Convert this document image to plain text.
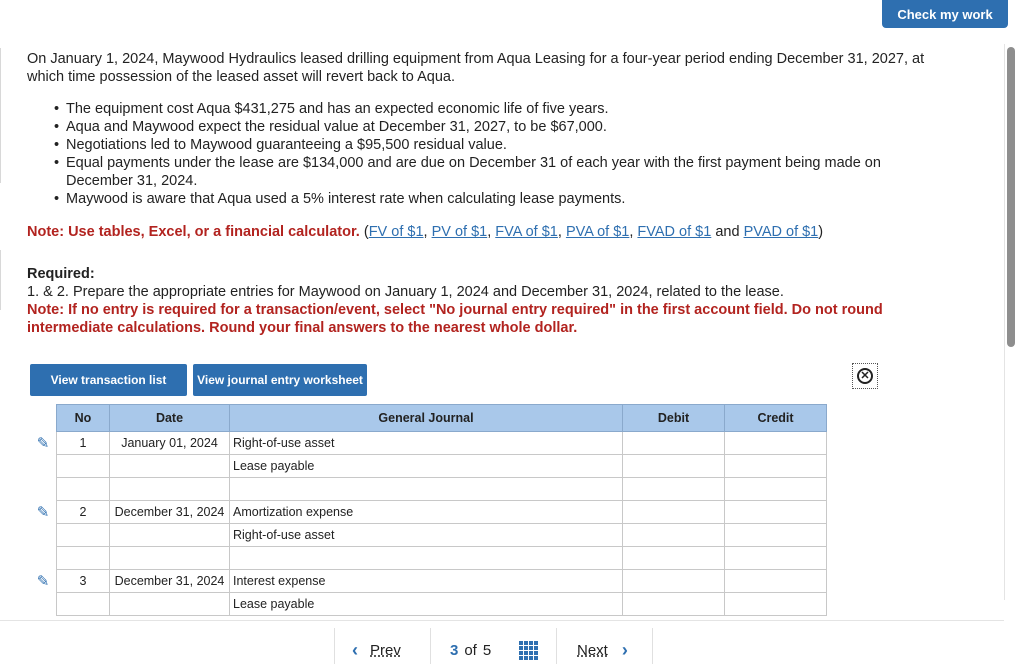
Check my work

On January 1, 2024, Maywood Hydraulics leased drilling equipment from Aqua Leasing for a four-year period ending December 31, 2027, at which time possession of the leased asset will revert back to Aqua.

• The equipment cost Aqua $431,275 and has an expected economic life of five years.
• Aqua and Maywood expect the residual value at December 31, 2027, to be $67,000.
• Negotiations led to Maywood guaranteeing a $95,500 residual value.
• Equal payments under the lease are $134,000 and are due on December 31 of each year with the first payment being made on December 31, 2024.
• Maywood is aware that Aqua used a 5% interest rate when calculating lease payments.
Note: Use tables, Excel, or a financial calculator. (FV of $1, PV of $1, FVA of $1, PVA of $1, FVAD of $1 and PVAD of $1)
Required:
1. & 2. Prepare the appropriate entries for Maywood on January 1, 2024 and December 31, 2024, related to the lease.
Note: If no entry is required for a transaction/event, select "No journal entry required" in the first account field. Do not round intermediate calculations. Round your final answers to the nearest whole dollar.
View transaction list	View journal entry worksheet	✕
	No	Date	General Journal	Debit	Credit
✎	1	January 01, 2024	Right-of-use asset		
			Lease payable		

✎	2	December 31, 2024	Amortization expense		
			Right-of-use asset		

✎	3	December 31, 2024	Interest expense		
			Lease payable		
‹ Prev	3 of 5	Next ›
